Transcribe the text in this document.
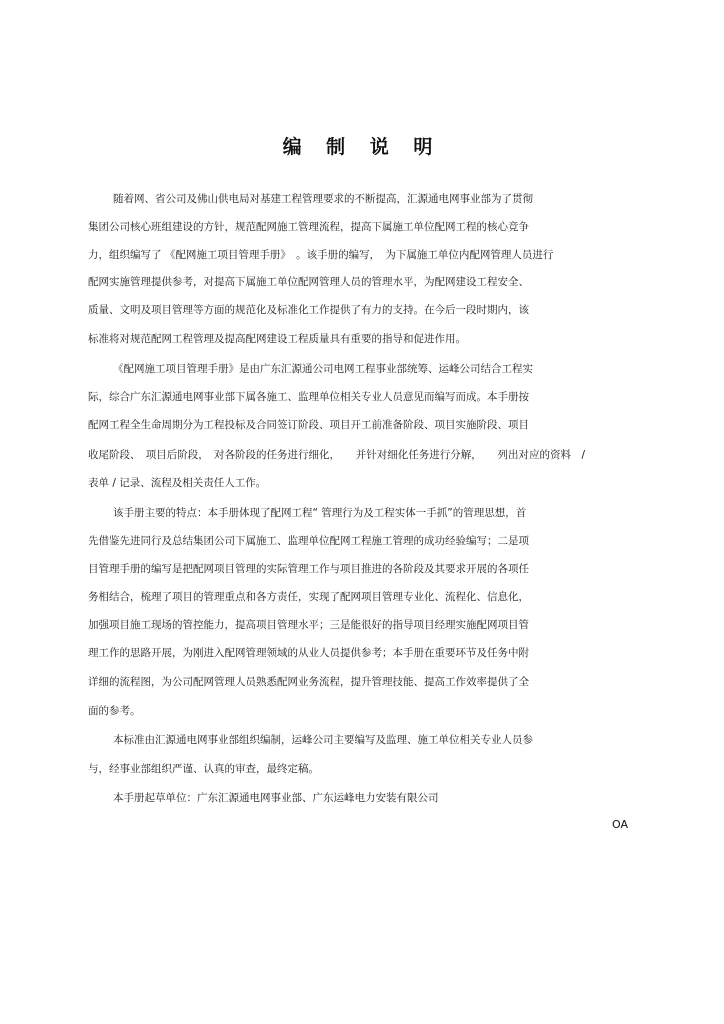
编 制 说 明
随着网、省公司及佛山供电局对基建工程管理要求的不断提高，汇源通电网事业部为了贯彻
集团公司核心班组建设的方针，规范配网施工管理流程，提高下属施工单位配网工程的核心竞争
力，组织编写了 《配网施工项目管理手册》　。该手册的编写，　为下属施工单位内配网管理人员进行
配网实施管理提供参考，对提高下属施工单位配网管理人员的管理水平，为配网建设工程安全、
质量、文明及项目管理等方面的规范化及标准化工作提供了有力的支持。在今后一段时期内，该
标准将对规范配网工程管理及提高配网建设工程质量具有重要的指导和促进作用。
《配网施工项目管理手册》是由广东汇源通公司电网工程事业部统筹、运峰公司结合工程实
际，综合广东汇源通电网事业部下属各施工、监理单位相关专业人员意见而编写而成。本手册按
配网工程全生命周期分为工程投标及合同签订阶段、项目开工前准备阶段、项目实施阶段、项目
收尾阶段、　项目后阶段，　对各阶段的任务进行细化，　　并针对细化任务进行分解，　　列出对应的资料　/
表单 / 记录、流程及相关责任人工作。
该手册主要的特点：本手册体现了配网工程“ 管理行为及工程实体一手抓”的管理思想，首
先借鉴先进同行及总结集团公司下属施工、监理单位配网工程施工管理的成功经验编写；二是项
目管理手册的编写是把配网项目管理的实际管理工作与项目推进的各阶段及其要求开展的各项任
务相结合，梳理了项目的管理重点和各方责任，实现了配网项目管理专业化、流程化、信息化，
加强项目施工现场的管控能力，提高项目管理水平；三是能很好的指导项目经理实施配网项目管
理工作的思路开展，为刚进入配网管理领域的从业人员提供参考；本手册在重要环节及任务中附
详细的流程图，为公司配网管理人员熟悉配网业务流程，提升管理技能、提高工作效率提供了全
面的参考。
本标准由汇源通电网事业部组织编制，运峰公司主要编写及监理、施工单位相关专业人员参
与，经事业部组织严谨、认真的审查，最终定稿。
本手册起草单位：广东汇源通电网事业部、广东运峰电力安装有限公司
OA
